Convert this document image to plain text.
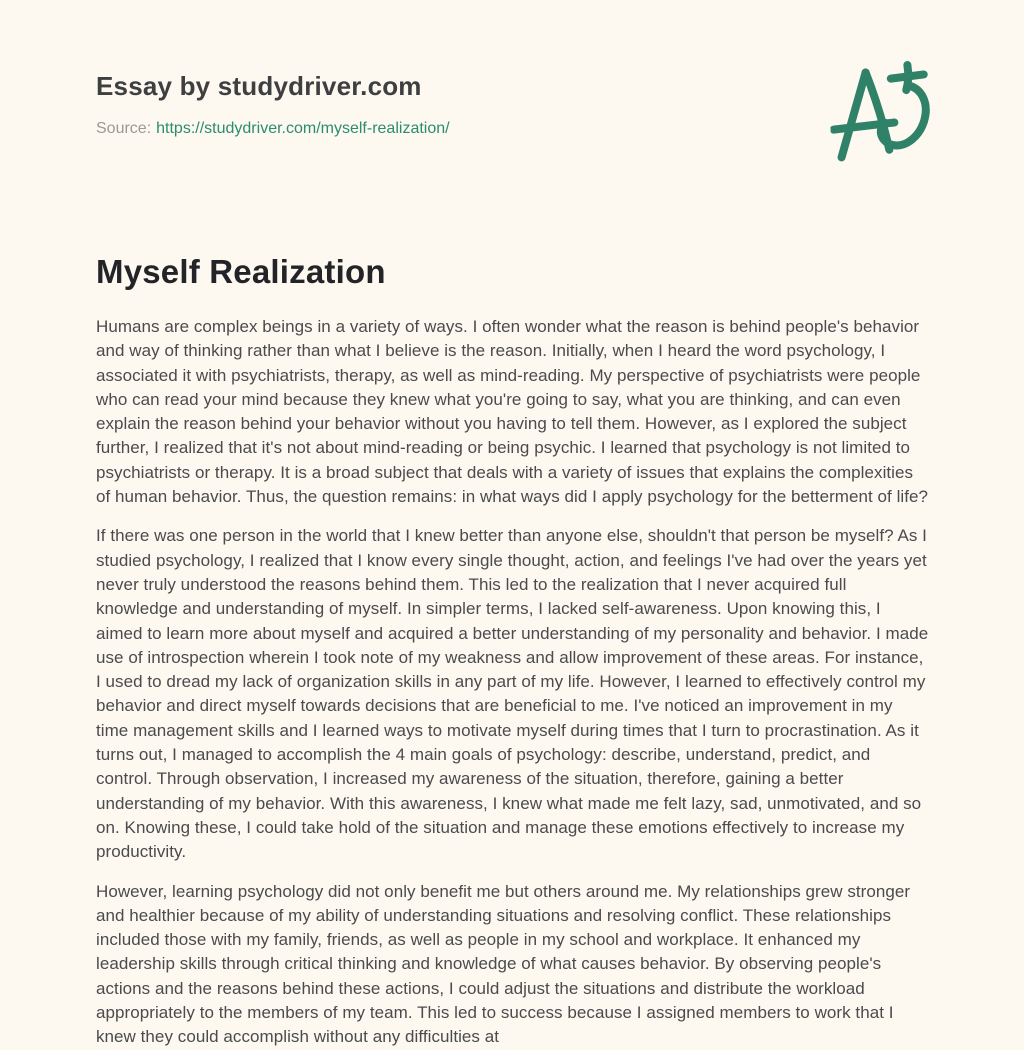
Essay by studydriver.com
Source: https://studydriver.com/myself-realization/
Myself Realization

Humans are complex beings in a variety of ways. I often wonder what the reason is behind people's behavior and way of thinking rather than what I believe is the reason. Initially, when I heard the word psychology, I associated it with psychiatrists, therapy, as well as mind-reading. My perspective of psychiatrists were people who can read your mind because they knew what you're going to say, what you are thinking, and can even explain the reason behind your behavior without you having to tell them. However, as I explored the subject further, I realized that it's not about mind-reading or being psychic. I learned that psychology is not limited to psychiatrists or therapy. It is a broad subject that deals with a variety of issues that explains the complexities of human behavior. Thus, the question remains: in what ways did I apply psychology for the betterment of life?

If there was one person in the world that I knew better than anyone else, shouldn't that person be myself? As I studied psychology, I realized that I know every single thought, action, and feelings I've had over the years yet never truly understood the reasons behind them. This led to the realization that I never acquired full knowledge and understanding of myself. In simpler terms, I lacked self-awareness. Upon knowing this, I aimed to learn more about myself and acquired a better understanding of my personality and behavior. I made use of introspection wherein I took note of my weakness and allow improvement of these areas. For instance, I used to dread my lack of organization skills in any part of my life. However, I learned to effectively control my behavior and direct myself towards decisions that are beneficial to me. I've noticed an improvement in my time management skills and I learned ways to motivate myself during times that I turn to procrastination. As it turns out, I managed to accomplish the 4 main goals of psychology: describe, understand, predict, and control. Through observation, I increased my awareness of the situation, therefore, gaining a better understanding of my behavior. With this awareness, I knew what made me felt lazy, sad, unmotivated, and so on. Knowing these, I could take hold of the situation and manage these emotions effectively to increase my productivity.

However, learning psychology did not only benefit me but others around me. My relationships grew stronger and healthier because of my ability of understanding situations and resolving conflict. These relationships included those with my family, friends, as well as people in my school and workplace. It enhanced my leadership skills through critical thinking and knowledge of what causes behavior. By observing people's actions and the reasons behind these actions, I could adjust the situations and distribute the workload appropriately to the members of my team. This led to success because I assigned members to work that I knew they could accomplish without any difficulties at
